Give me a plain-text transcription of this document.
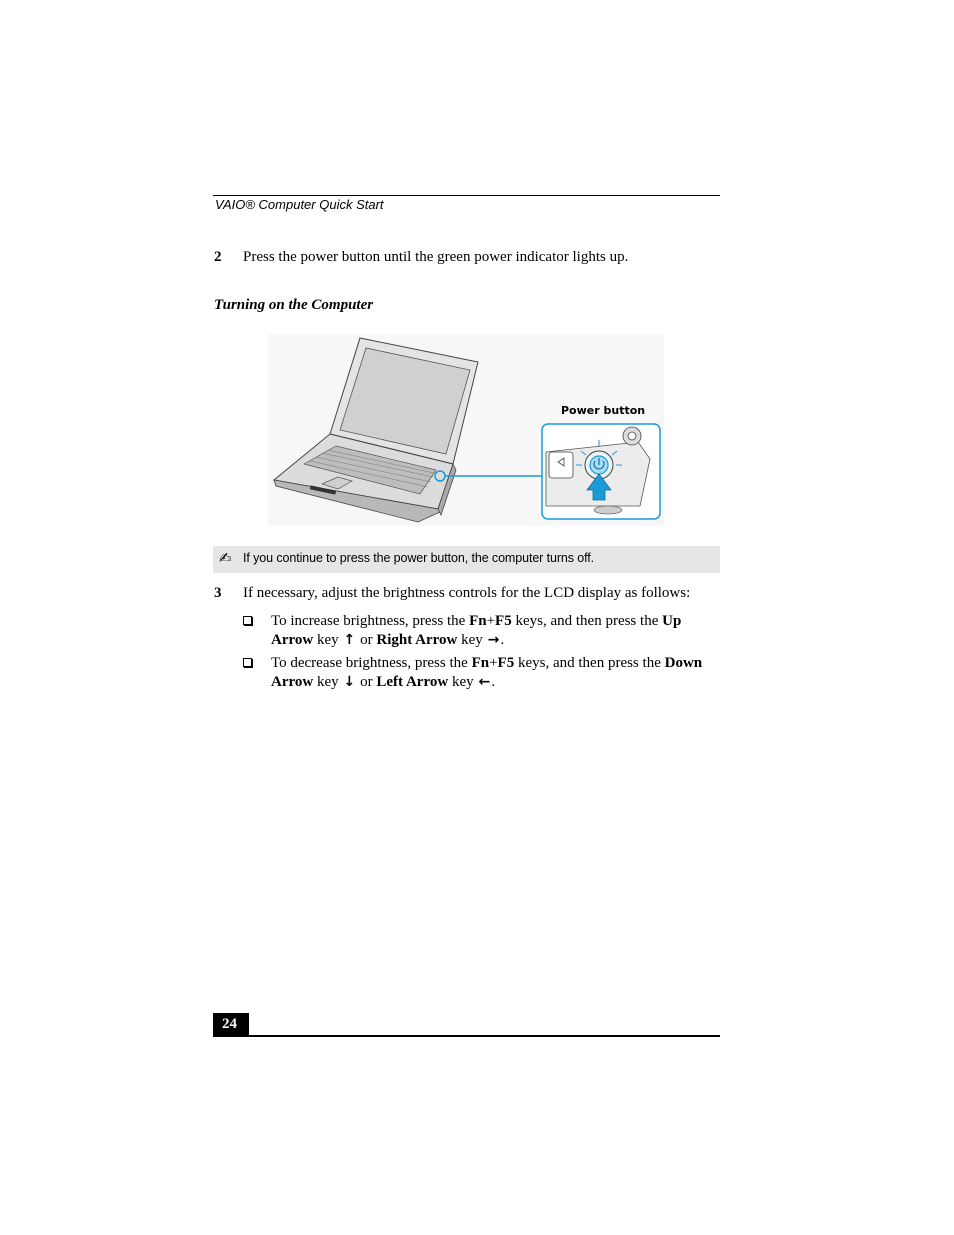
VAIO® Computer Quick Start
2 Press the power button until the green power indicator lights up.
Turning on the Computer
Power button
✍ If you continue to press the power button, the computer turns off.
3 If necessary, adjust the brightness controls for the LCD display as follows:
To increase brightness, press the Fn+F5 keys, and then press the Up
Arrow key ↑ or Right Arrow key →.
To decrease brightness, press the Fn+F5 keys, and then press the Down
Arrow key ↓ or Left Arrow key ←.
24
